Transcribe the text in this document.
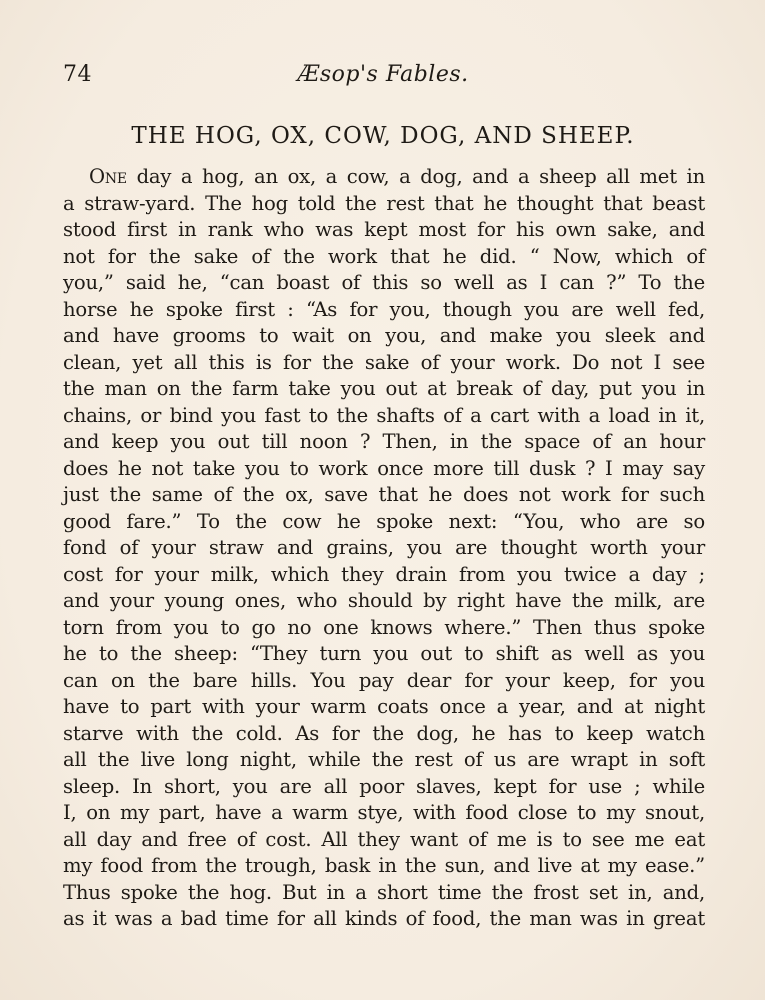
74	Æsop's Fables.
THE HOG, OX, COW, DOG, AND SHEEP.
One day a hog, an ox, a cow, a dog, and a sheep all met in
a straw-yard. The hog told the rest that he thought that beast
stood first in rank who was kept most for his own sake, and
not for the sake of the work that he did. “ Now, which of
you,” said he, “can boast of this so well as I can ?” To the
horse he spoke first : “As for you, though you are well fed,
and have grooms to wait on you, and make you sleek and
clean, yet all this is for the sake of your work. Do not I see
the man on the farm take you out at break of day, put you in
chains, or bind you fast to the shafts of a cart with a load in it,
and keep you out till noon ? Then, in the space of an hour
does he not take you to work once more till dusk ? I may say
just the same of the ox, save that he does not work for such
good fare.” To the cow he spoke next: “You, who are so
fond of your straw and grains, you are thought worth your
cost for your milk, which they drain from you twice a day ;
and your young ones, who should by right have the milk, are
torn from you to go no one knows where.” Then thus spoke
he to the sheep: “They turn you out to shift as well as you
can on the bare hills. You pay dear for your keep, for you
have to part with your warm coats once a year, and at night
starve with the cold. As for the dog, he has to keep watch
all the live long night, while the rest of us are wrapt in soft
sleep. In short, you are all poor slaves, kept for use ; while
I, on my part, have a warm stye, with food close to my snout,
all day and free of cost. All they want of me is to see me eat
my food from the trough, bask in the sun, and live at my ease.”
Thus spoke the hog. But in a short time the frost set in, and,
as it was a bad time for all kinds of food, the man was in great
